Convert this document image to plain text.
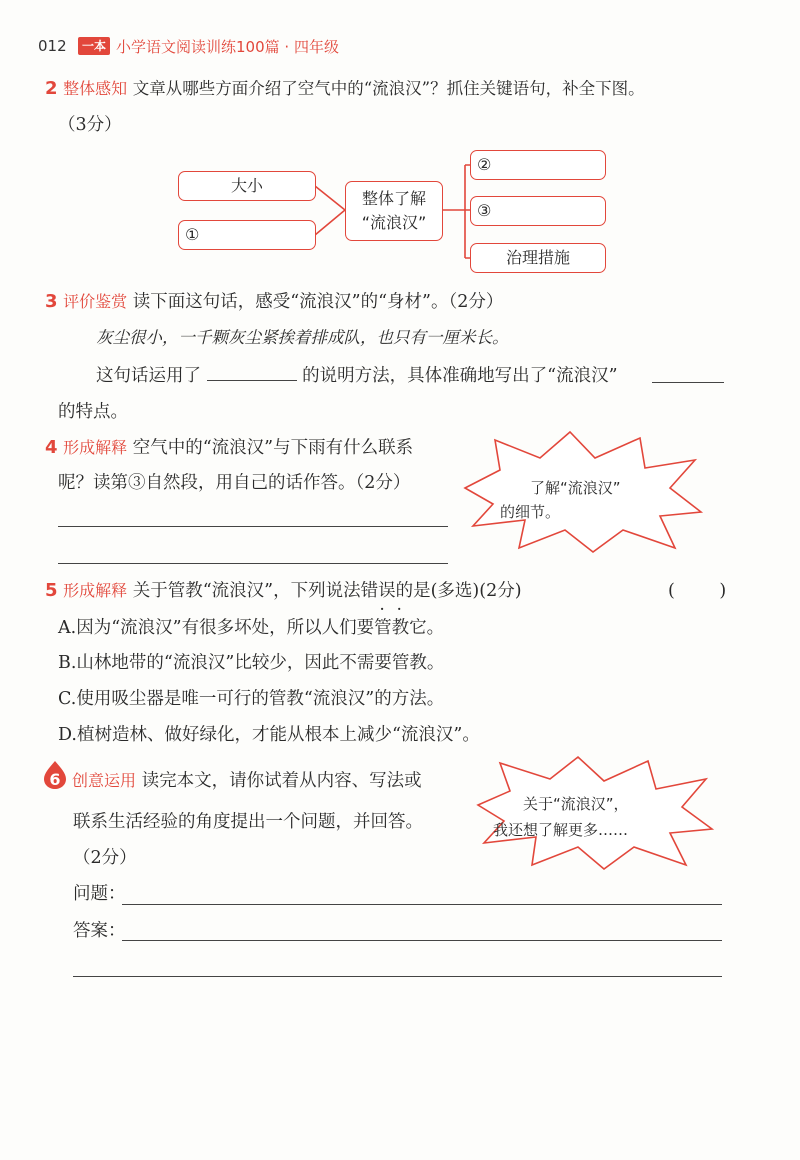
012	一本 小学语文阅读训练100篇 · 四年级
2 整体感知 文章从哪些方面介绍了空气中的“流浪汉”？抓住关键语句，补全下图。
（3分）
大小
①
整体了解
“流浪汉”
②
③
治理措施
3 评价鉴赏 读下面这句话，感受“流浪汉”的“身材”。（2分）
灰尘很小，一千颗灰尘紧挨着排成队，也只有一厘米长。
这句话运用了	的说明方法，具体准确地写出了“流浪汉”
的特点。
4 形成解释 空气中的“流浪汉”与下雨有什么联系
呢？读第③自然段，用自己的话作答。（2分）	了解“流浪汉”
的细节。
5 形成解释 关于管教“流浪汉”，下列说法错误的是(多选)(2分)
··
(        )
A.因为“流浪汉”有很多坏处，所以人们要管教它。
B.山林地带的“流浪汉”比较少，因此不需要管教。
C.使用吸尘器是唯一可行的管教“流浪汉”的方法。
D.植树造林、做好绿化，才能从根本上减少“流浪汉”。
6 创意运用 读完本文，请你试着从内容、写法或
联系生活经验的角度提出一个问题，并回答。
（2分）
关于“流浪汉”，
我还想了解更多……
问题：
答案：
